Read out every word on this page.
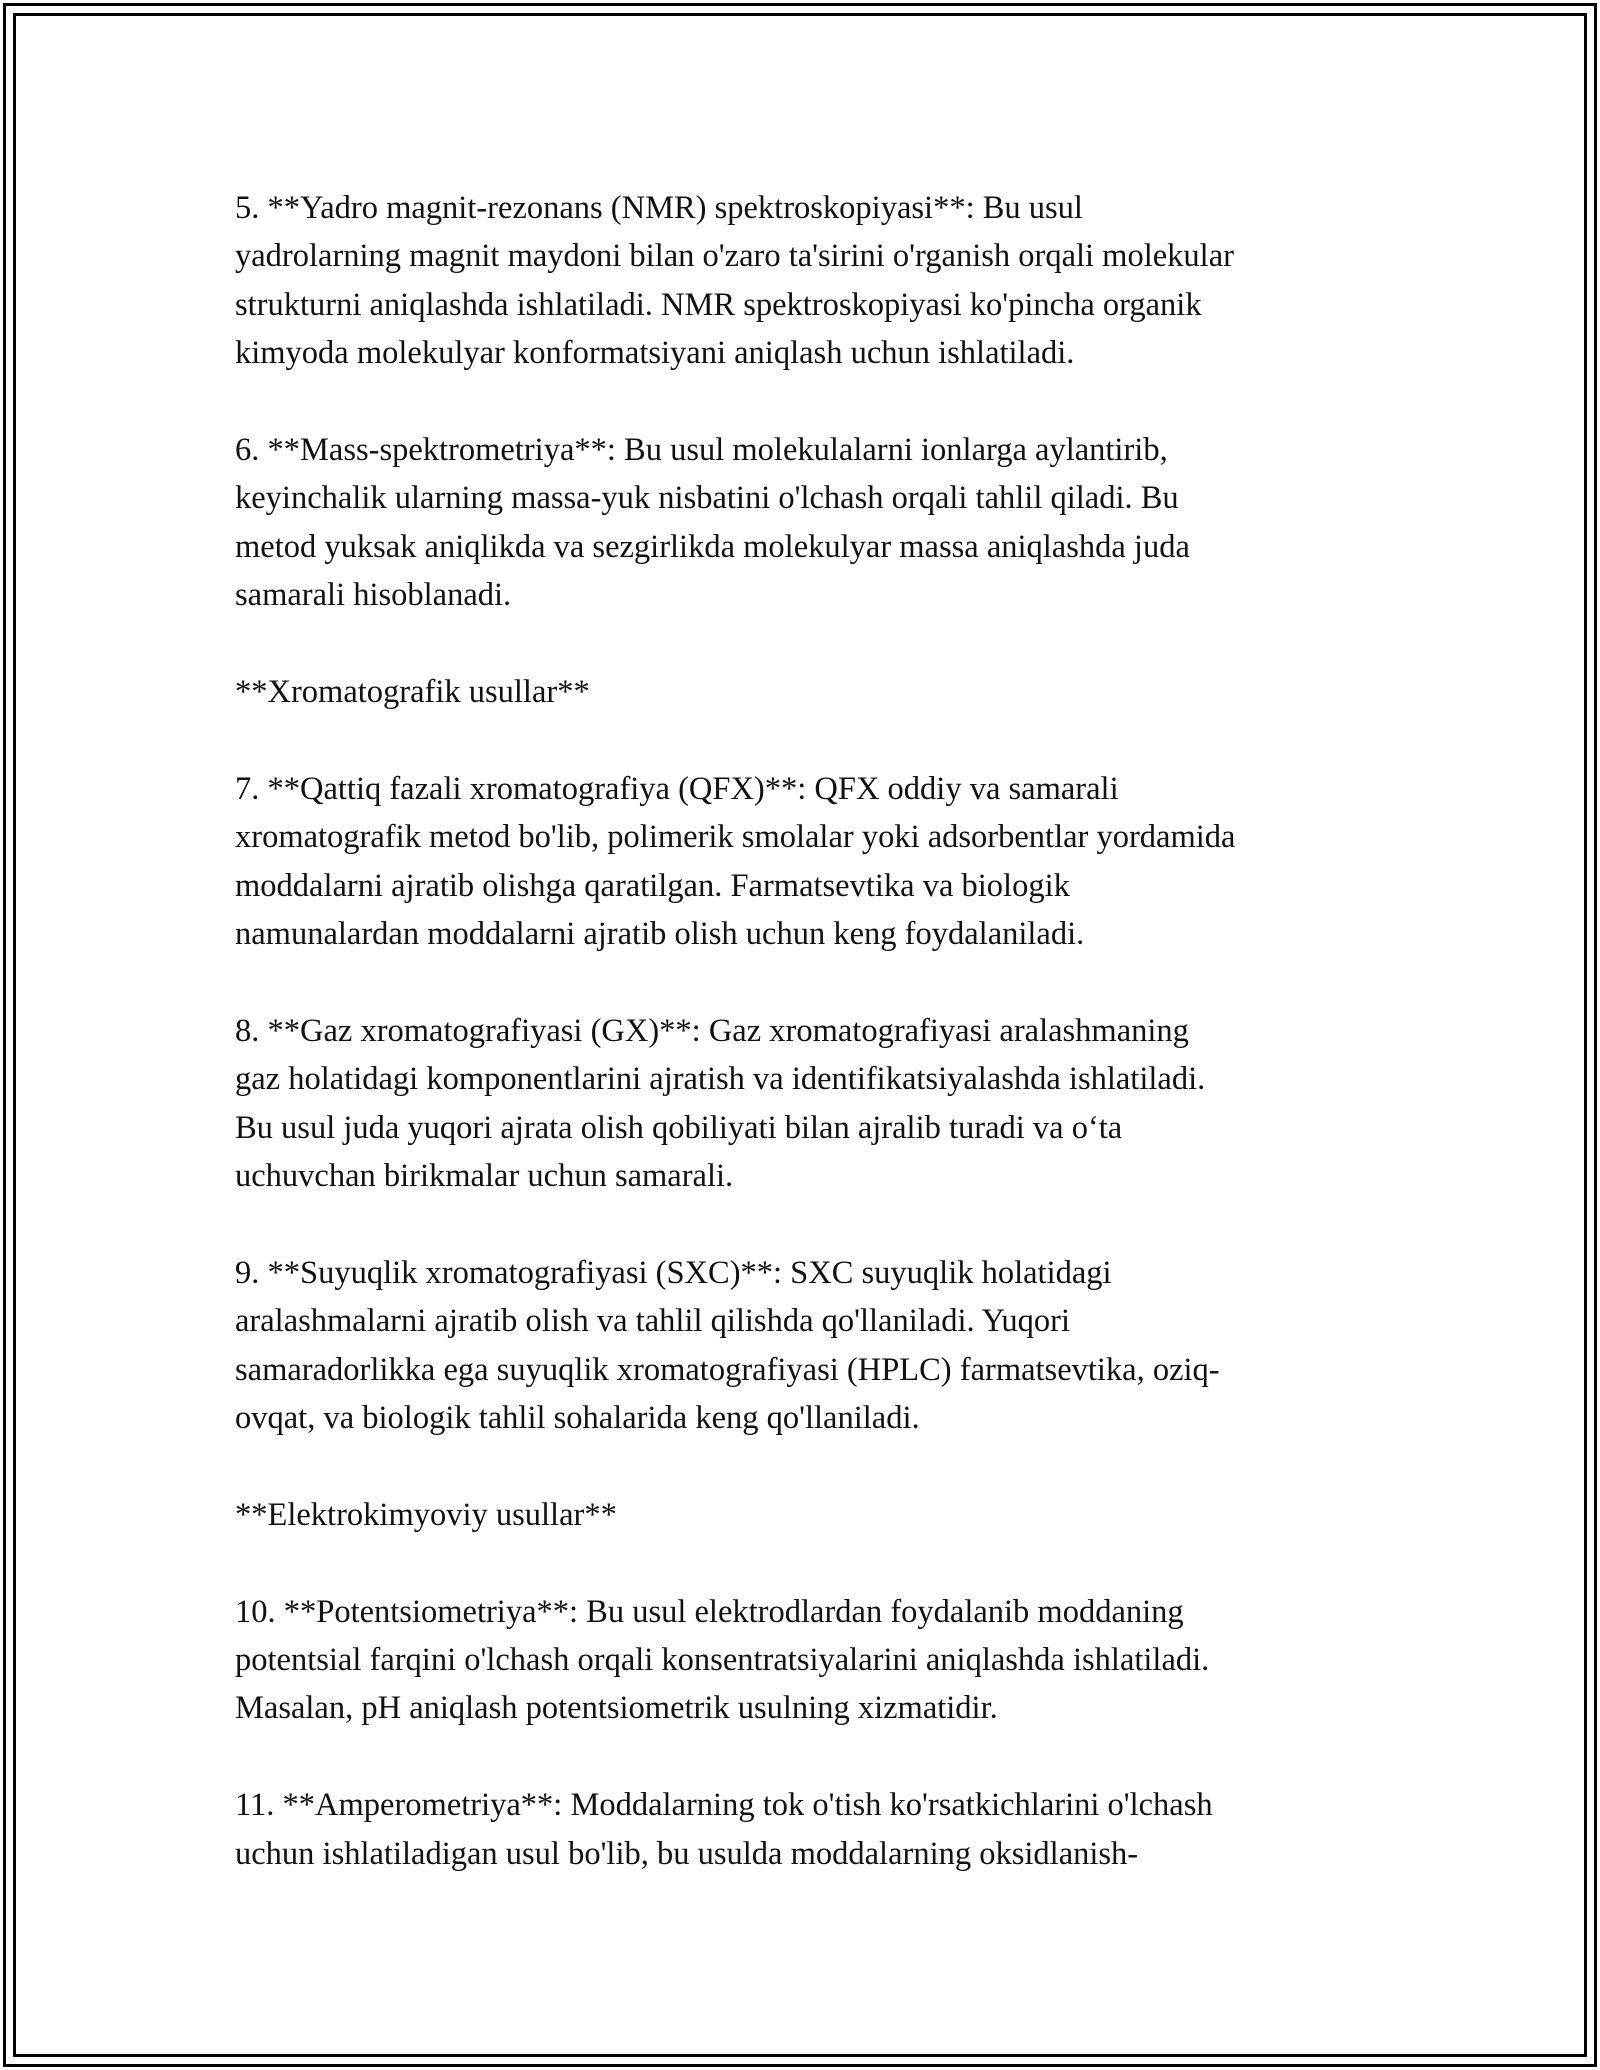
5. **Yadro magnit-rezonans (NMR) spektroskopiyasi**: Bu usul
yadrolarning magnit maydoni bilan o'zaro ta'sirini o'rganish orqali molekular
strukturni aniqlashda ishlatiladi. NMR spektroskopiyasi ko'pincha organik
kimyoda molekulyar konformatsiyani aniqlash uchun ishlatiladi.

6. **Mass-spektrometriya**: Bu usul molekulalarni ionlarga aylantirib,
keyinchalik ularning massa-yuk nisbatini o'lchash orqali tahlil qiladi. Bu
metod yuksak aniqlikda va sezgirlikda molekulyar massa aniqlashda juda
samarali hisoblanadi.

**Xromatografik usullar**

7. **Qattiq fazali xromatografiya (QFX)**: QFX oddiy va samarali
xromatografik metod bo'lib, polimerik smolalar yoki adsorbentlar yordamida
moddalarni ajratib olishga qaratilgan. Farmatsevtika va biologik
namunalardan moddalarni ajratib olish uchun keng foydalaniladi.

8. **Gaz xromatografiyasi (GX)**: Gaz xromatografiyasi aralashmaning
gaz holatidagi komponentlarini ajratish va identifikatsiyalashda ishlatiladi.
Bu usul juda yuqori ajrata olish qobiliyati bilan ajralib turadi va o‘ta
uchuvchan birikmalar uchun samarali.

9. **Suyuqlik xromatografiyasi (SXC)**: SXC suyuqlik holatidagi
aralashmalarni ajratib olish va tahlil qilishda qo'llaniladi. Yuqori
samaradorlikka ega suyuqlik xromatografiyasi (HPLC) farmatsevtika, oziq-
ovqat, va biologik tahlil sohalarida keng qo'llaniladi.

**Elektrokimyoviy usullar**

10. **Potentsiometriya**: Bu usul elektrodlardan foydalanib moddaning
potentsial farqini o'lchash orqali konsentratsiyalarini aniqlashda ishlatiladi.
Masalan, pH aniqlash potentsiometrik usulning xizmatidir.

11. **Amperometriya**: Moddalarning tok o'tish ko'rsatkichlarini o'lchash
uchun ishlatiladigan usul bo'lib, bu usulda moddalarning oksidlanish-
